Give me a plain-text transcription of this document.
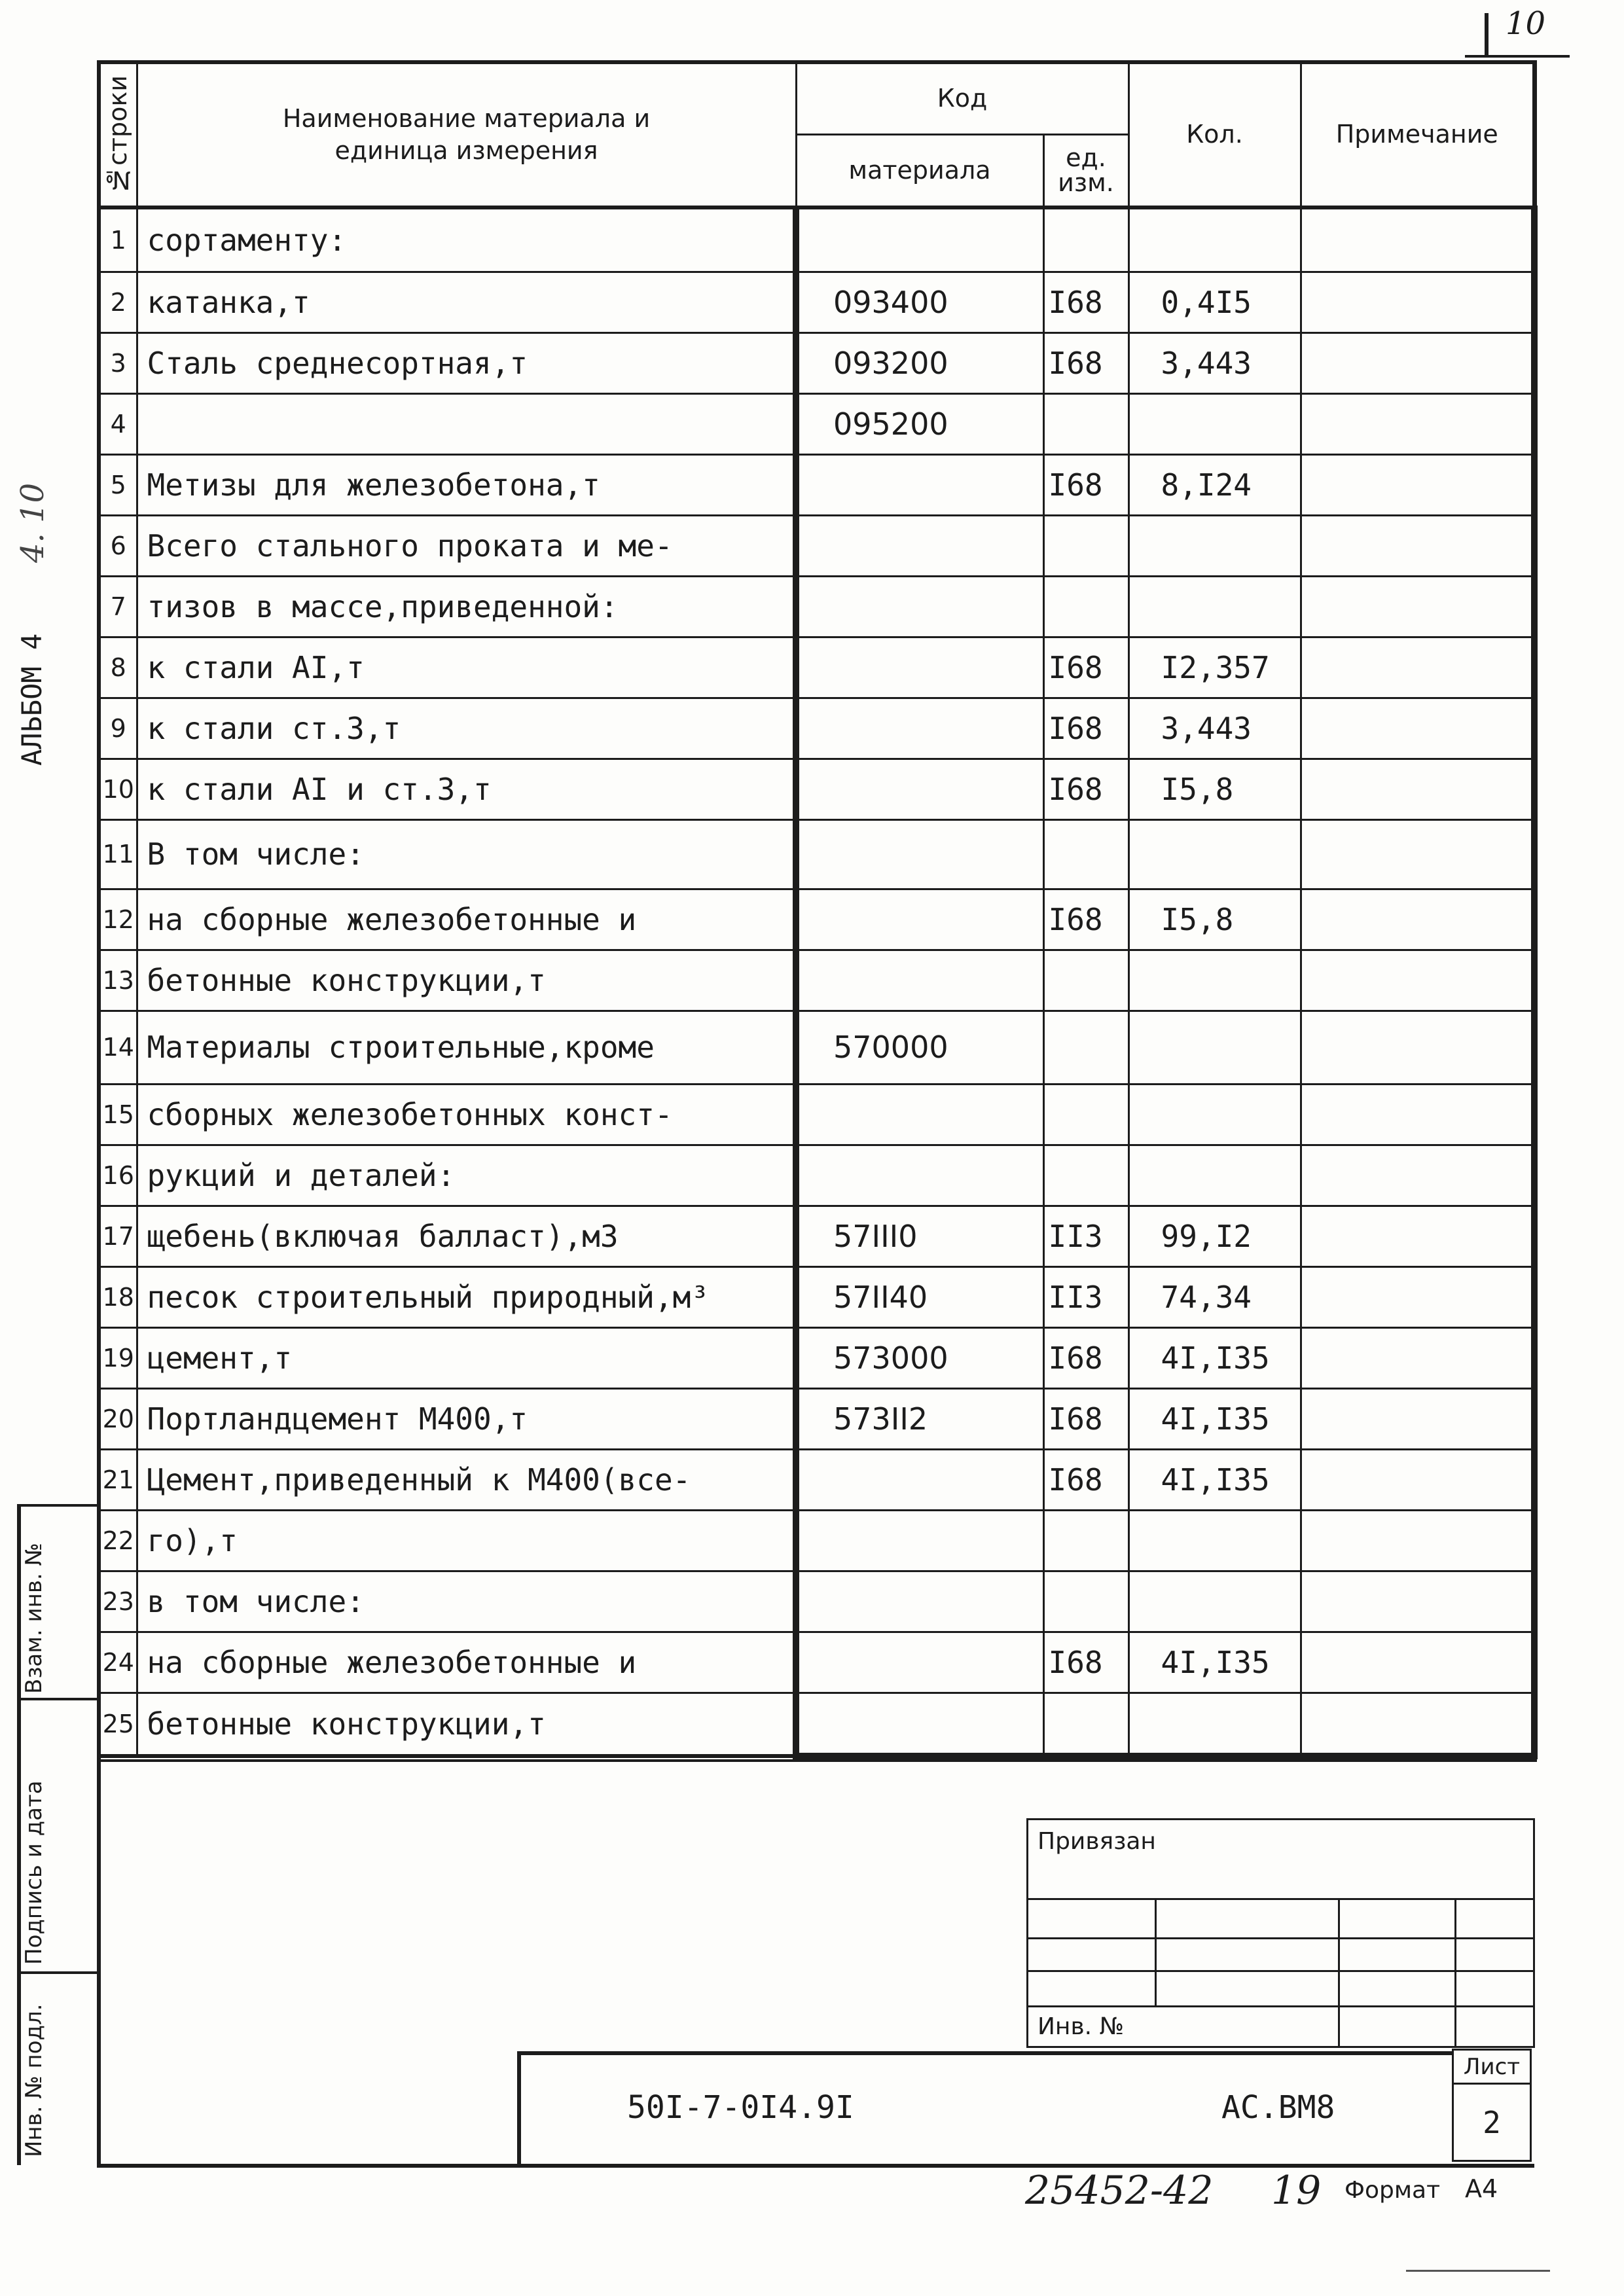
10
№строки	Наименование материала и единица измерения	Код		Кол.	Примечание
		материала	ед. изм.		

1	сортаменту:				
2	катанка,т	093400	I68	0,4I5	
3	Сталь среднесортная,т	093200	I68	3,443	
4		095200			
5	Метизы для железобетона,т		I68	8,I24	
6	Всего стального проката и ме-				
7	тизов в массе,приведенной:				
8	к стали AI,т		I68	I2,357	
9	к стали ст.3,т		I68	3,443	
10	к стали AI и ст.3,т		I68	I5,8	
11	В том числе:				
12	на сборные железобетонные и		I68	I5,8	
13	бетонные конструкции,т				
14	Материалы строительные,кроме	570000			
15	сборных железобетонных конст-				
16	рукций и деталей:				
17	щебень(включая балласт),м3	57III0	II3	99,I2	
18	песок строительный природный,м³	57II40	II3	74,34	
19	цемент,т	573000	I68	4I,I35	
20	Портландцемент М400,т	573II2	I68	4I,I35	
21	Цемент,приведенный к М400(все-		I68	4I,I35	
22	го),т				
23	в том числе:				
24	на сборные железобетонные и		I68	4I,I35	
25	бетонные конструкции,т				
Привязан			

Инв. №			
50I-7-0I4.9I	АС.ВМ8
Лист
2
Взам. инв. №
Подпись и дата
Инв. № подл.
АЛЬБОМ 4
4. 10
25452-42 19 Формат А4
